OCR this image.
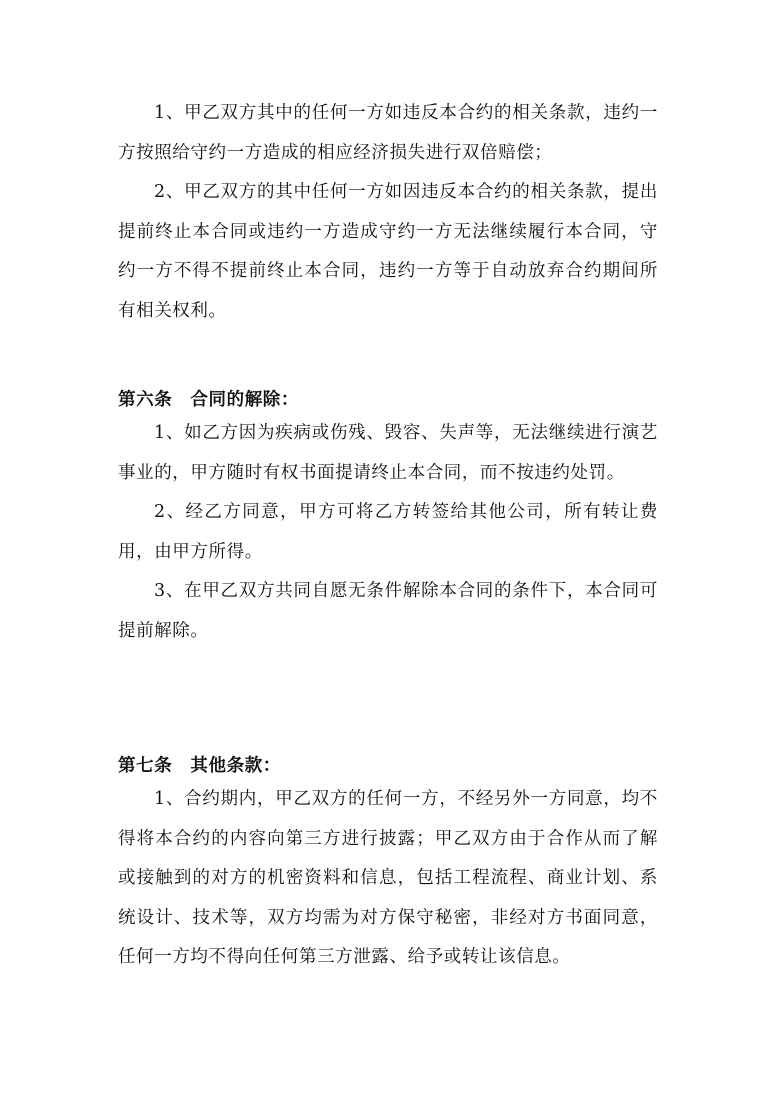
1、甲乙双方其中的任何一方如违反本合约的相关条款，违约一方按照给守约一方造成的相应经济损失进行双倍赔偿；

2、甲乙双方的其中任何一方如因违反本合约的相关条款，提出提前终止本合同或违约一方造成守约一方无法继续履行本合同，守约一方不得不提前终止本合同，违约一方等于自动放弃合约期间所有相关权利。

第六条　合同的解除：

1、如乙方因为疾病或伤残、毁容、失声等，无法继续进行演艺事业的，甲方随时有权书面提请终止本合同，而不按违约处罚。

2、经乙方同意，甲方可将乙方转签给其他公司，所有转让费用，由甲方所得。

3、在甲乙双方共同自愿无条件解除本合同的条件下，本合同可提前解除。

第七条　其他条款：

1、合约期内，甲乙双方的任何一方，不经另外一方同意，均不得将本合约的内容向第三方进行披露；甲乙双方由于合作从而了解或接触到的对方的机密资料和信息，包括工程流程、商业计划、系统设计、技术等，双方均需为对方保守秘密，非经对方书面同意，任何一方均不得向任何第三方泄露、给予或转让该信息。
